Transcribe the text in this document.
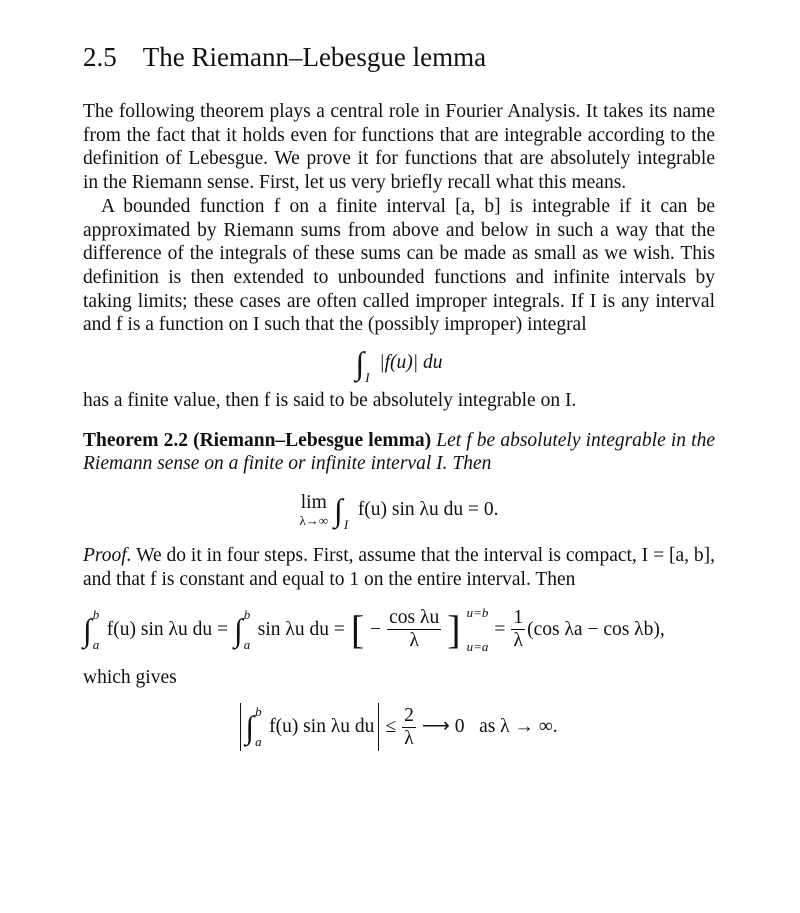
2.5 The Riemann–Lebesgue lemma

The following theorem plays a central role in Fourier Analysis. It takes its name from the fact that it holds even for functions that are integrable according to the definition of Lebesgue. We prove it for functions that are absolutely integrable in the Riemann sense. First, let us very briefly recall what this means.

A bounded function f on a finite interval [a, b] is integrable if it can be approximated by Riemann sums from above and below in such a way that the difference of the integrals of these sums can be made as small as we wish. This definition is then extended to unbounded functions and infinite intervals by taking limits; these cases are often called improper integrals. If I is any interval and f is a function on I such that the (possibly improper) integral

∫ I
|f(u)| du

has a finite value, then f is said to be absolutely integrable on I.

Theorem 2.2 (Riemann–Lebesgue lemma) Let f be absolutely integrable in the Riemann sense on a finite or infinite interval I. Then

lim
λ→∞ ∫ I
f(u) sin λu du = 0.

Proof. We do it in four steps. First, assume that the interval is compact, I = [a, b], and that f is constant and equal to 1 on the entire interval. Then

∫ b
a
f(u) sin λu du = ∫ b
a
sin λu du = [ − $\frac{\text{cos λu}}{\lambda}$ ] u=b
u=a
= $\frac{1}{\lambda} (\cos$ λa − cos λb),

which gives

∫ b
a
f(u) sin λu du ≤ $\frac{2}{\lambda}$ ⟶ 0   as λ → ∞.
